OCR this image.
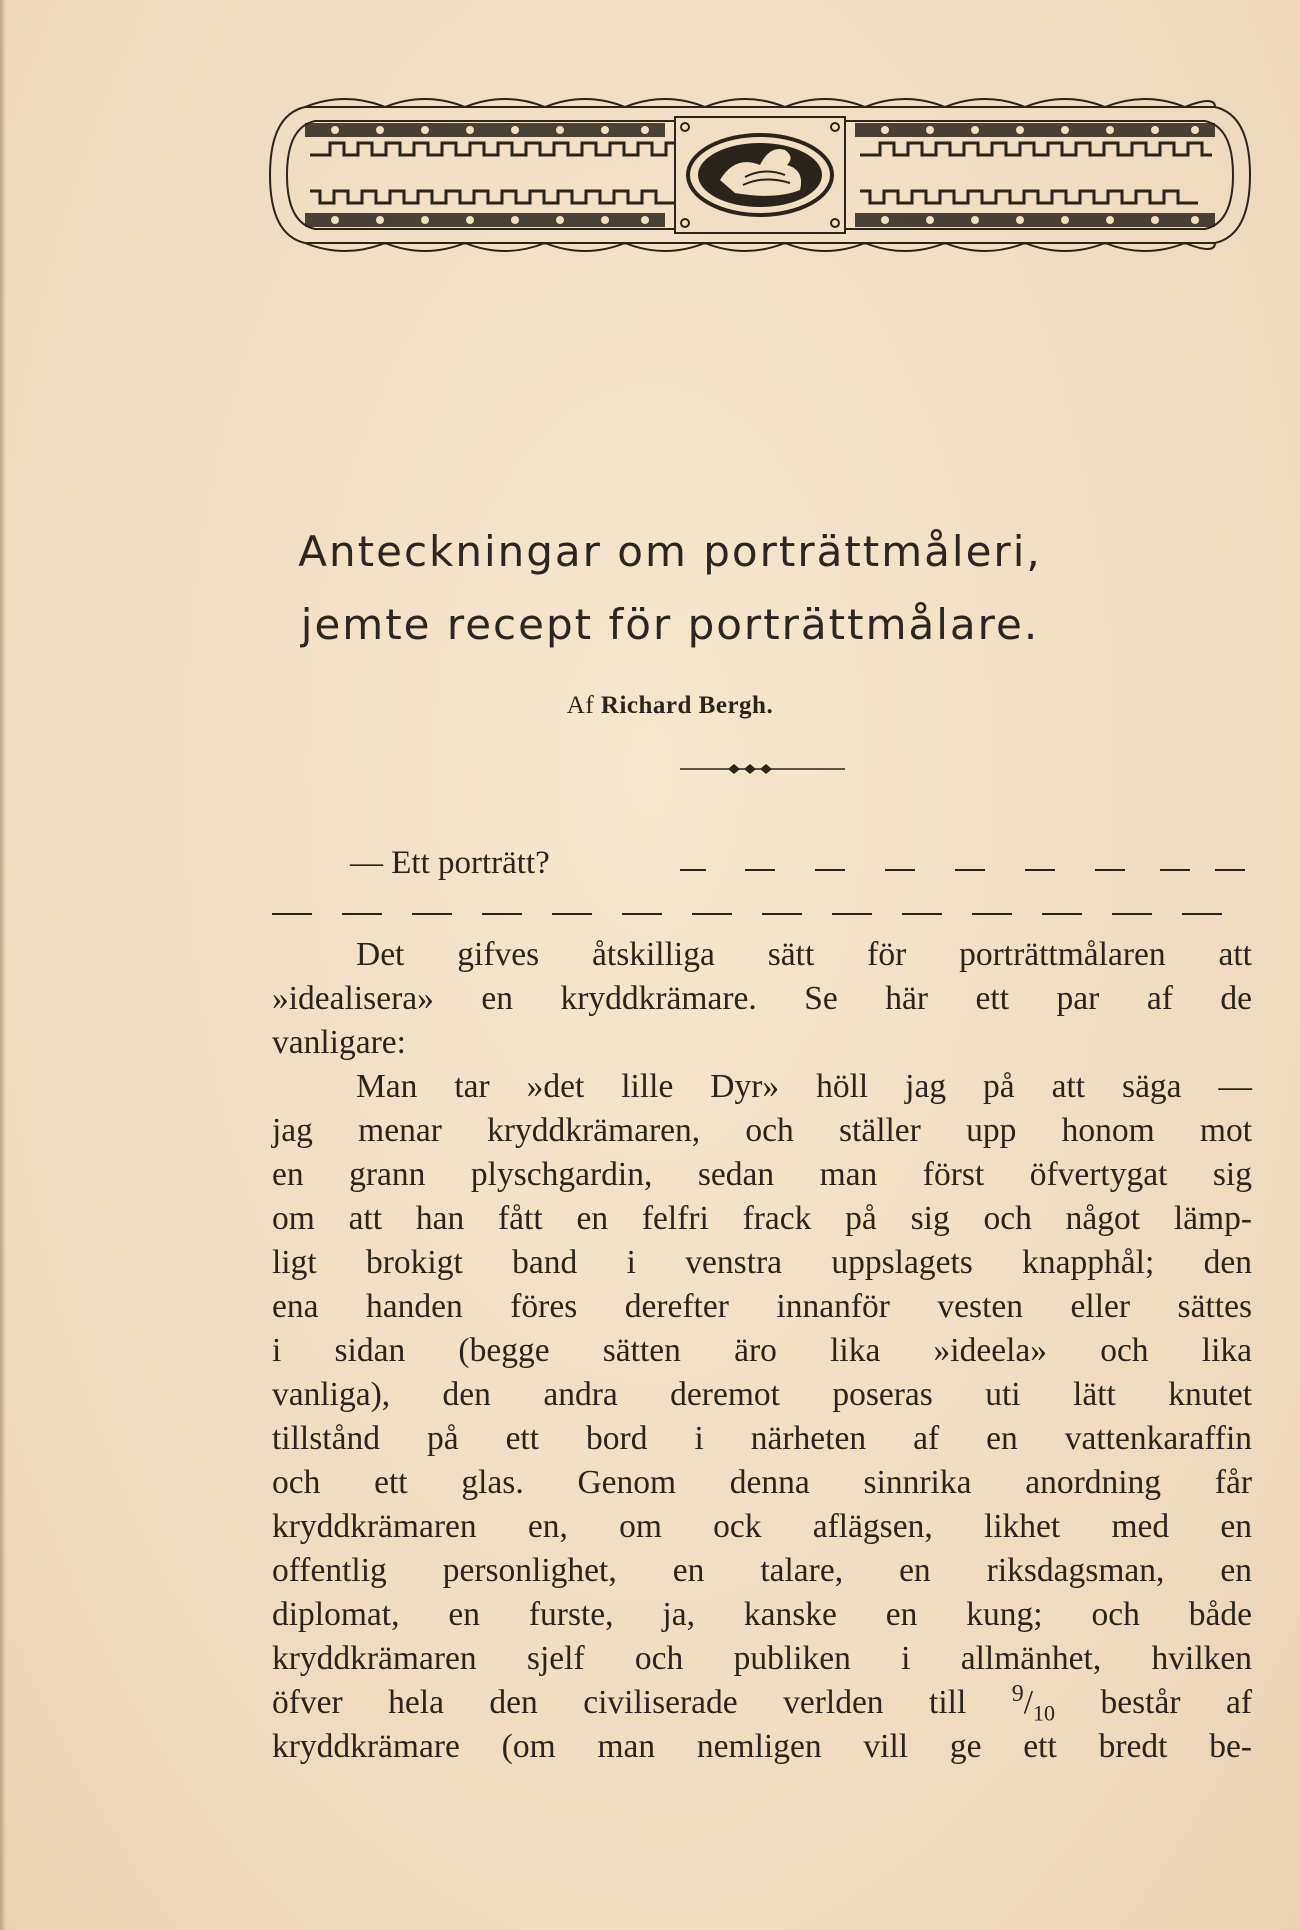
Anteckningar om porträttmåleri,
jemte recept för porträttmålare.
Af Richard Bergh.
— Ett porträtt?
Det gifves åtskilliga sätt för porträttmålaren att
»idealisera» en kryddkrämare. Se här ett par af de
vanligare:
Man tar »det lille Dyr» höll jag på att säga —
jag menar kryddkrämaren, och ställer upp honom mot
en grann plyschgardin, sedan man först öfvertygat sig
om att han fått en felfri frack på sig och något lämp-
ligt brokigt band i venstra uppslagets knapphål; den
ena handen föres derefter innanför vesten eller sättes
i sidan (begge sätten äro lika »ideela» och lika
vanliga), den andra deremot poseras uti lätt knutet
tillstånd på ett bord i närheten af en vattenkaraffin
och ett glas. Genom denna sinnrika anordning får
kryddkrämaren en, om ock aflägsen, likhet med en
offentlig personlighet, en talare, en riksdagsman, en
diplomat, en furste, ja, kanske en kung; och både
kryddkrämaren sjelf och publiken i allmänhet, hvilken
öfver hela den civiliserade verlden till $^9/_{10}$ består af
kryddkrämare (om man nemligen vill ge ett bredt be-
